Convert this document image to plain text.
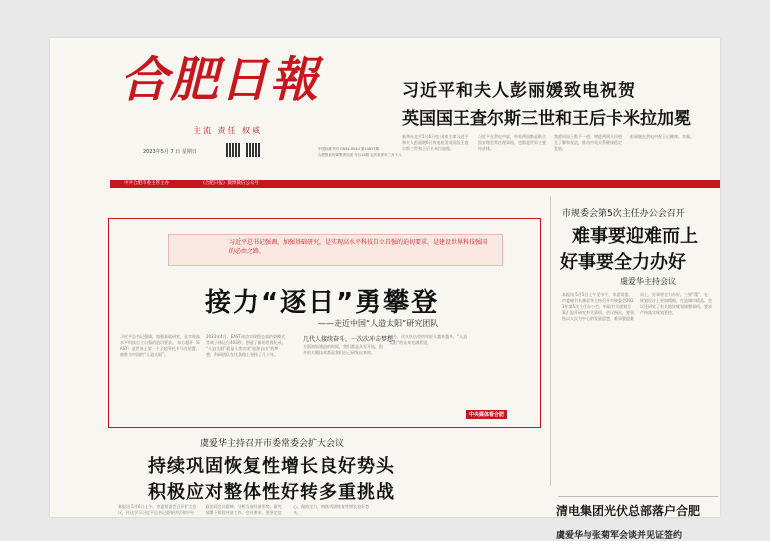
合肥日報
主流 责任 权威
2023年5月 7 日 星期日	中国标准刊号 CN34-0044 第24837期
合肥报业传媒集团出版 今日16版 农历癸卯年三月十八
习近平和夫人彭丽媛致电祝贺
英国国王查尔斯三世和王后卡米拉加冕
新华社北京5月6日电 国家主席习近平和夫人彭丽媛6日致电祝贺英国国王查尔斯三世和王后卡米拉加冕。
习近平在贺电中说，中英两国都是联合国安理会常任理事国，也都是世界主要经济体。
我愿同国王陛下一道，增进两国人民相互了解和友谊，推动中英关系健康稳定发展。
彭丽媛在贺电中祝王后健康、幸福。
中共合肥市委主管主办	《合肥日报》微博微信公众号
习近平总书记强调，加强基础研究，是实现高水平科技自立自强的迫切要求，是建设世界科技强国的必由之路。
接力“逐日”勇攀登
——走近中国“人造太阳”研究团队
习近平总书记强调，加强基础研究，是实现高水平科技自立自强的迫切要求。 东方超环（EAST）是世界上第一个全超导托卡马克装置，被称为中国的“人造太阳”。
2023年4月，EAST成功实现稳态高约束模式等离子体运行403秒，创造了新的世界纪录。 “人造太阳”就是人类实现“能源自由”的梦想，科研团队在这条路上坚持了几十年。
几代人接续奋斗，一次次冲击梦想。
方面初始建造的时候，我们都是从零开始，很多的关键技术都是我们自己研发出来的。
如今，这支队伍里的年轻人越来越多，“人造太阳”的未来充满希望。
中央媒体看合肥
市规委会第5次主任办公会召开
难事要迎难而上
好事要全力办好
虞爱华主持会议
本报讯 5月5日上午至中午，市委常委、市委秘书长虞爱华主持召开市规委会2023年第5次主任办公会，听取有关规划方案汇报并研究有关事项。会议指出，要坚持以人民为中心的发展思想，难事要迎难而上，好事要全力办好。三要“精”，在规划设计上更加精细，打造城市精品。会议还研究了有关地块规划调整事项，要求严格落实规划管控。
虞爱华主持召开市委常委会扩大会议
持续巩固恢复性增长良好势头
积极应对整体性好转多重挑战
本报讯 5月6日上午，市委常委会召开扩大会议，传达学习习近平总书记重要讲话和中央政治局会议精神，分析当前经济形势，研究部署下阶段经济工作。会议要求，要坚定信心、保持定力，持续巩固恢复性增长良好势头。	清电集团光伏总部落户合肥
虞爱华与张菊军会谈并见证签约
